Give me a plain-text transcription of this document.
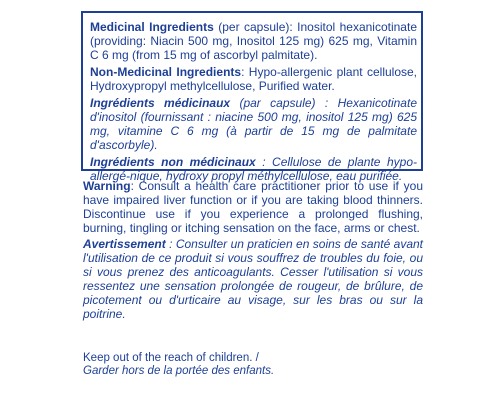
Medicinal Ingredients (per capsule): Inositol hexanicotinate (providing: Niacin 500 mg, Inositol 125 mg) 625 mg, Vitamin C 6 mg (from 15 mg of ascorbyl palmitate).

Non-Medicinal Ingredients: Hypo-allergenic plant cellulose, Hydroxypropyl methylcellulose, Purified water.

Ingrédients médicinaux (par capsule) : Hexanicotinate d'inositol (fournissant : niacine 500 mg, inositol 125 mg) 625 mg, vitamine C 6 mg (à partir de 15 mg de palmitate d'ascorbyle).

Ingrédients non médicinaux : Cellulose de plante hypo-allergé-nique, hydroxy propyl méthylcellulose, eau purifiée.

Warning: Consult a health care practitioner prior to use if you have impaired liver function or if you are taking blood thinners. Discontinue use if you experience a prolonged flushing, burning, tingling or itching sensation on the face, arms or chest.

Avertissement : Consulter un praticien en soins de santé avant l'utilisation de ce produit si vous souffrez de troubles du foie, ou si vous prenez des anticoagulants. Cesser l'utilisation si vous ressentez une sensation prolongée de rougeur, de brûlure, de picotement ou d'urticaire au visage, sur les bras ou sur la poitrine.

Keep out of the reach of children. /
Garder hors de la portée des enfants.
